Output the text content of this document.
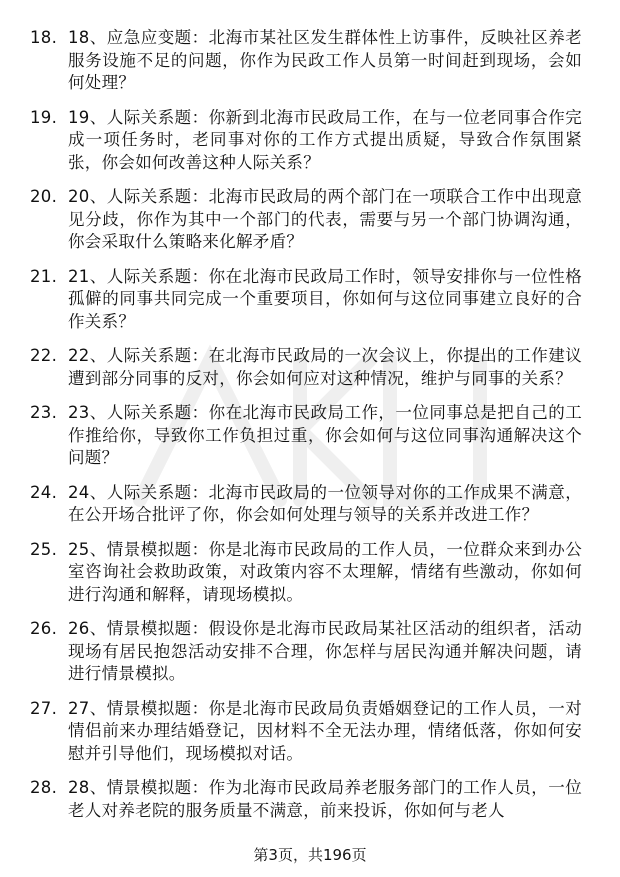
18. 18、应急应变题：北海市某社区发生群体性上访事件，反映社区养老服务设施不足的问题，你作为民政工作人员第一时间赶到现场，会如何处理？
19. 19、人际关系题：你新到北海市民政局工作，在与一位老同事合作完成一项任务时，老同事对你的工作方式提出质疑，导致合作氛围紧张，你会如何改善这种人际关系？
20. 20、人际关系题：北海市民政局的两个部门在一项联合工作中出现意见分歧，你作为其中一个部门的代表，需要与另一个部门协调沟通，你会采取什么策略来化解矛盾？
21. 21、人际关系题：你在北海市民政局工作时，领导安排你与一位性格孤僻的同事共同完成一个重要项目，你如何与这位同事建立良好的合作关系？
22. 22、人际关系题：在北海市民政局的一次会议上，你提出的工作建议遭到部分同事的反对，你会如何应对这种情况，维护与同事的关系？
23. 23、人际关系题：你在北海市民政局工作，一位同事总是把自己的工作推给你，导致你工作负担过重，你会如何与这位同事沟通解决这个问题？
24. 24、人际关系题：北海市民政局的一位领导对你的工作成果不满意，在公开场合批评了你，你会如何处理与领导的关系并改进工作？
25. 25、情景模拟题：你是北海市民政局的工作人员，一位群众来到办公室咨询社会救助政策，对政策内容不太理解，情绪有些激动，你如何进行沟通和解释，请现场模拟。
26. 26、情景模拟题：假设你是北海市民政局某社区活动的组织者，活动现场有居民抱怨活动安排不合理，你怎样与居民沟通并解决问题，请进行情景模拟。
27. 27、情景模拟题：你是北海市民政局负责婚姻登记的工作人员，一对情侣前来办理结婚登记，因材料不全无法办理，情绪低落，你如何安慰并引导他们，现场模拟对话。
28. 28、情景模拟题：作为北海市民政局养老服务部门的工作人员，一位老人对养老院的服务质量不满意，前来投诉，你如何与老人
第3页，共196页
